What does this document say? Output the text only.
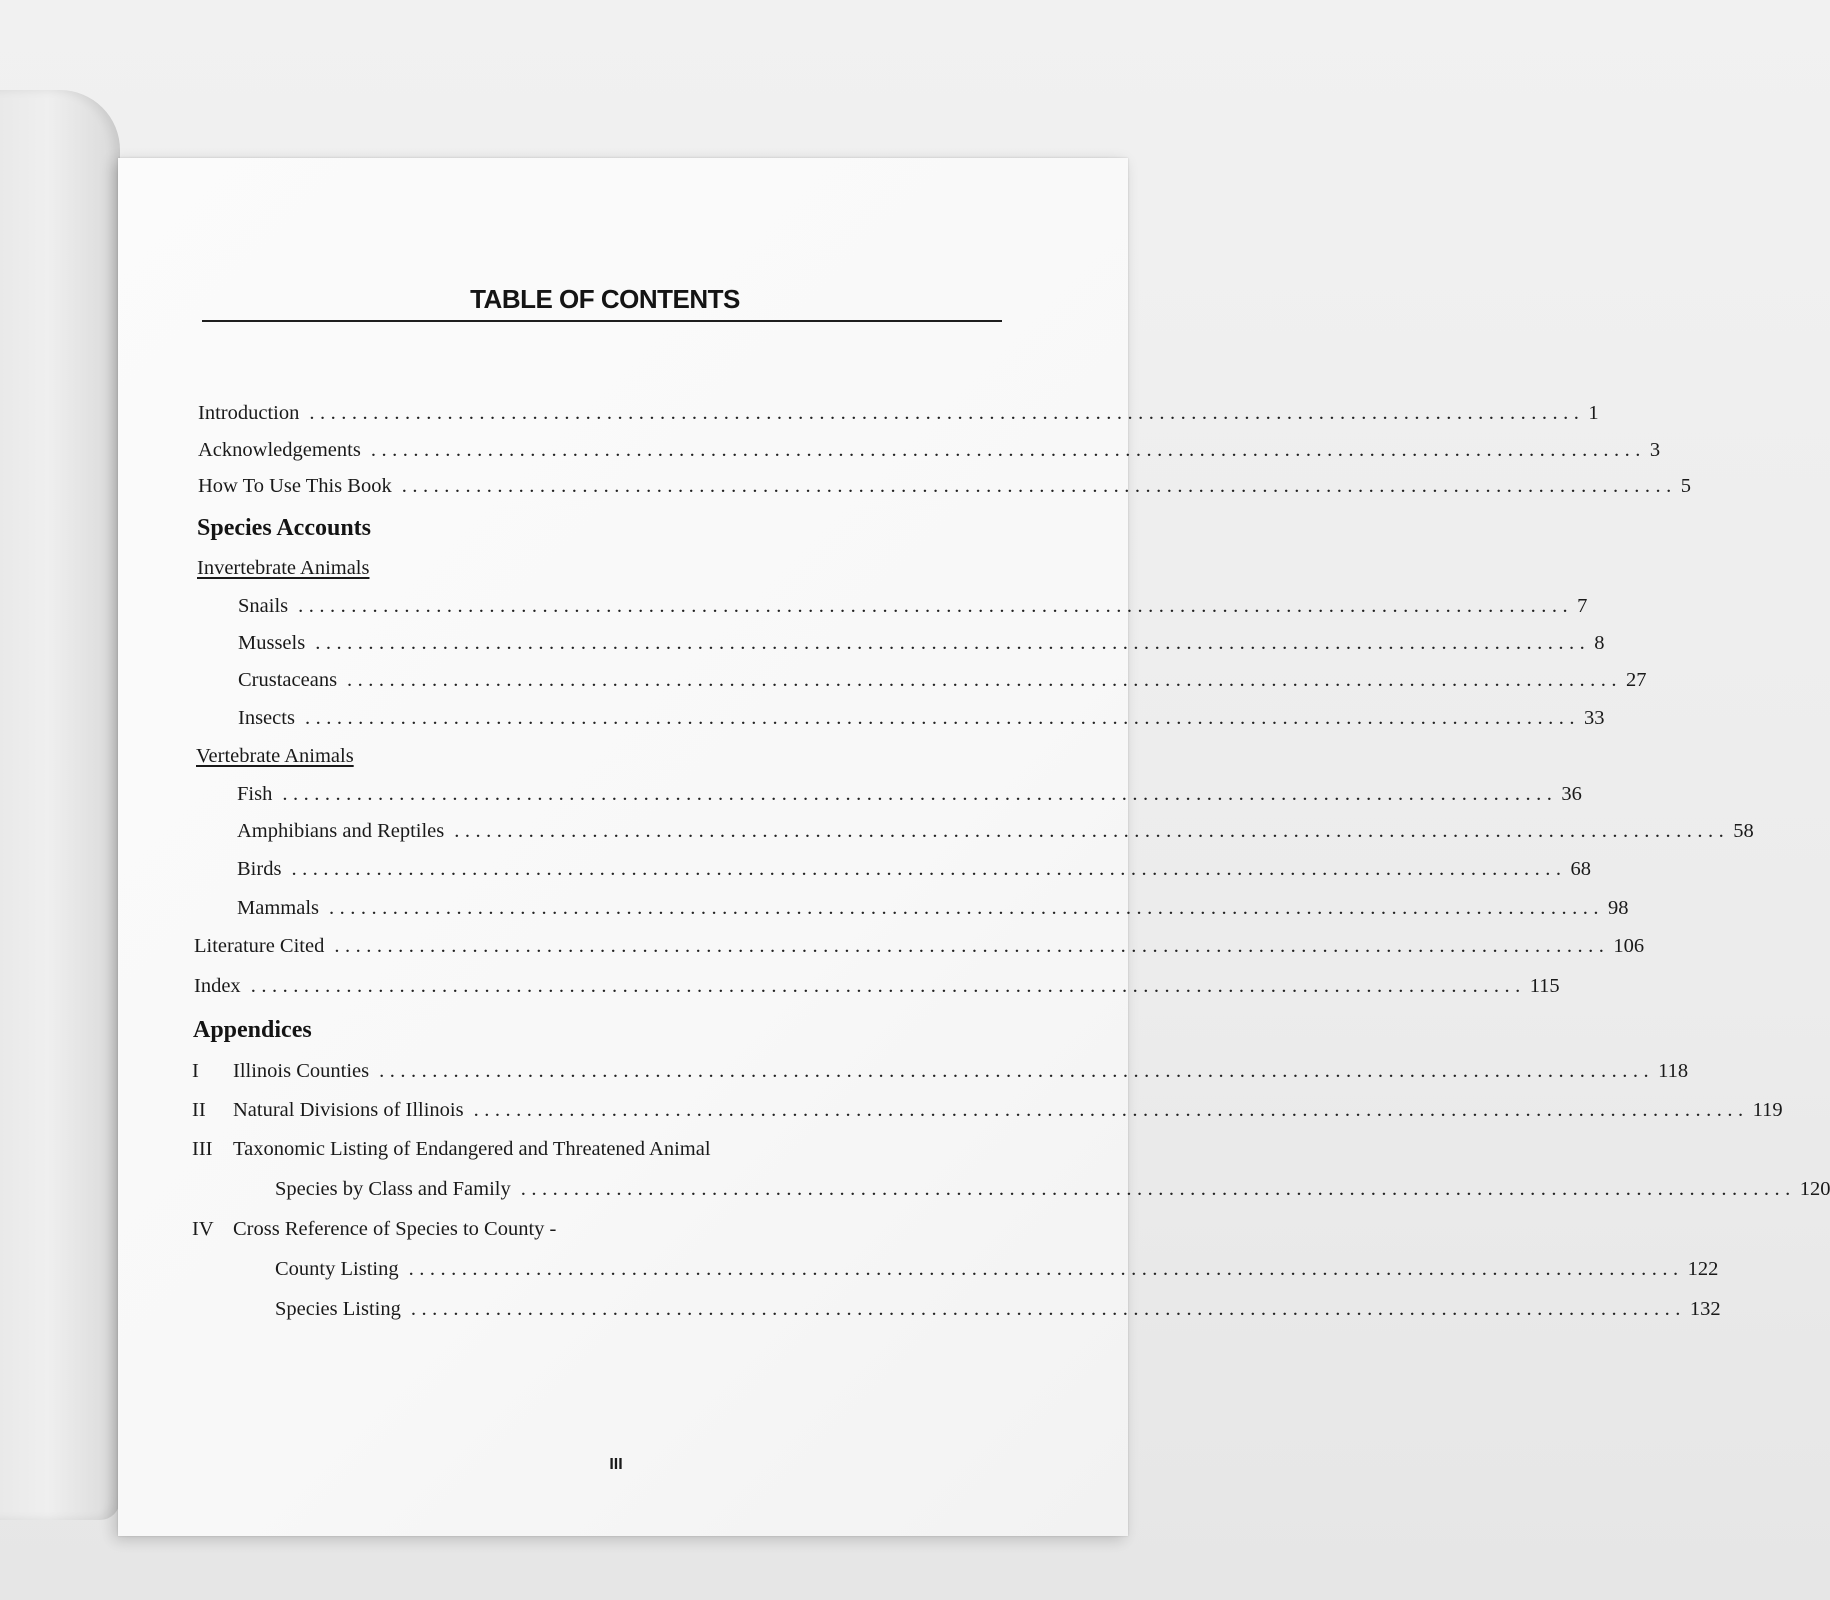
TABLE OF CONTENTS
Introduction ........................................................................................................................ 1
Acknowledgements ........................................................................................................................ 3
How To Use This Book ........................................................................................................................ 5
Species Accounts
Invertebrate Animals
Snails ........................................................................................................................ 7
Mussels ........................................................................................................................ 8
Crustaceans ........................................................................................................................ 27
Insects ........................................................................................................................ 33
Vertebrate Animals
Fish ........................................................................................................................ 36
Amphibians and Reptiles ........................................................................................................................ 58
Birds ........................................................................................................................ 68
Mammals ........................................................................................................................ 98
Literature Cited ........................................................................................................................ 106
Index ........................................................................................................................ 115
Appendices
I	Illinois Counties ........................................................................................................................ 118
II	Natural Divisions of Illinois ........................................................................................................................ 119
III Taxonomic Listing of Endangered and Threatened Animal
Species by Class and Family ........................................................................................................................ 120
IV Cross Reference of Species to County -
County Listing ........................................................................................................................ 122
Species Listing ........................................................................................................................ 132
III
